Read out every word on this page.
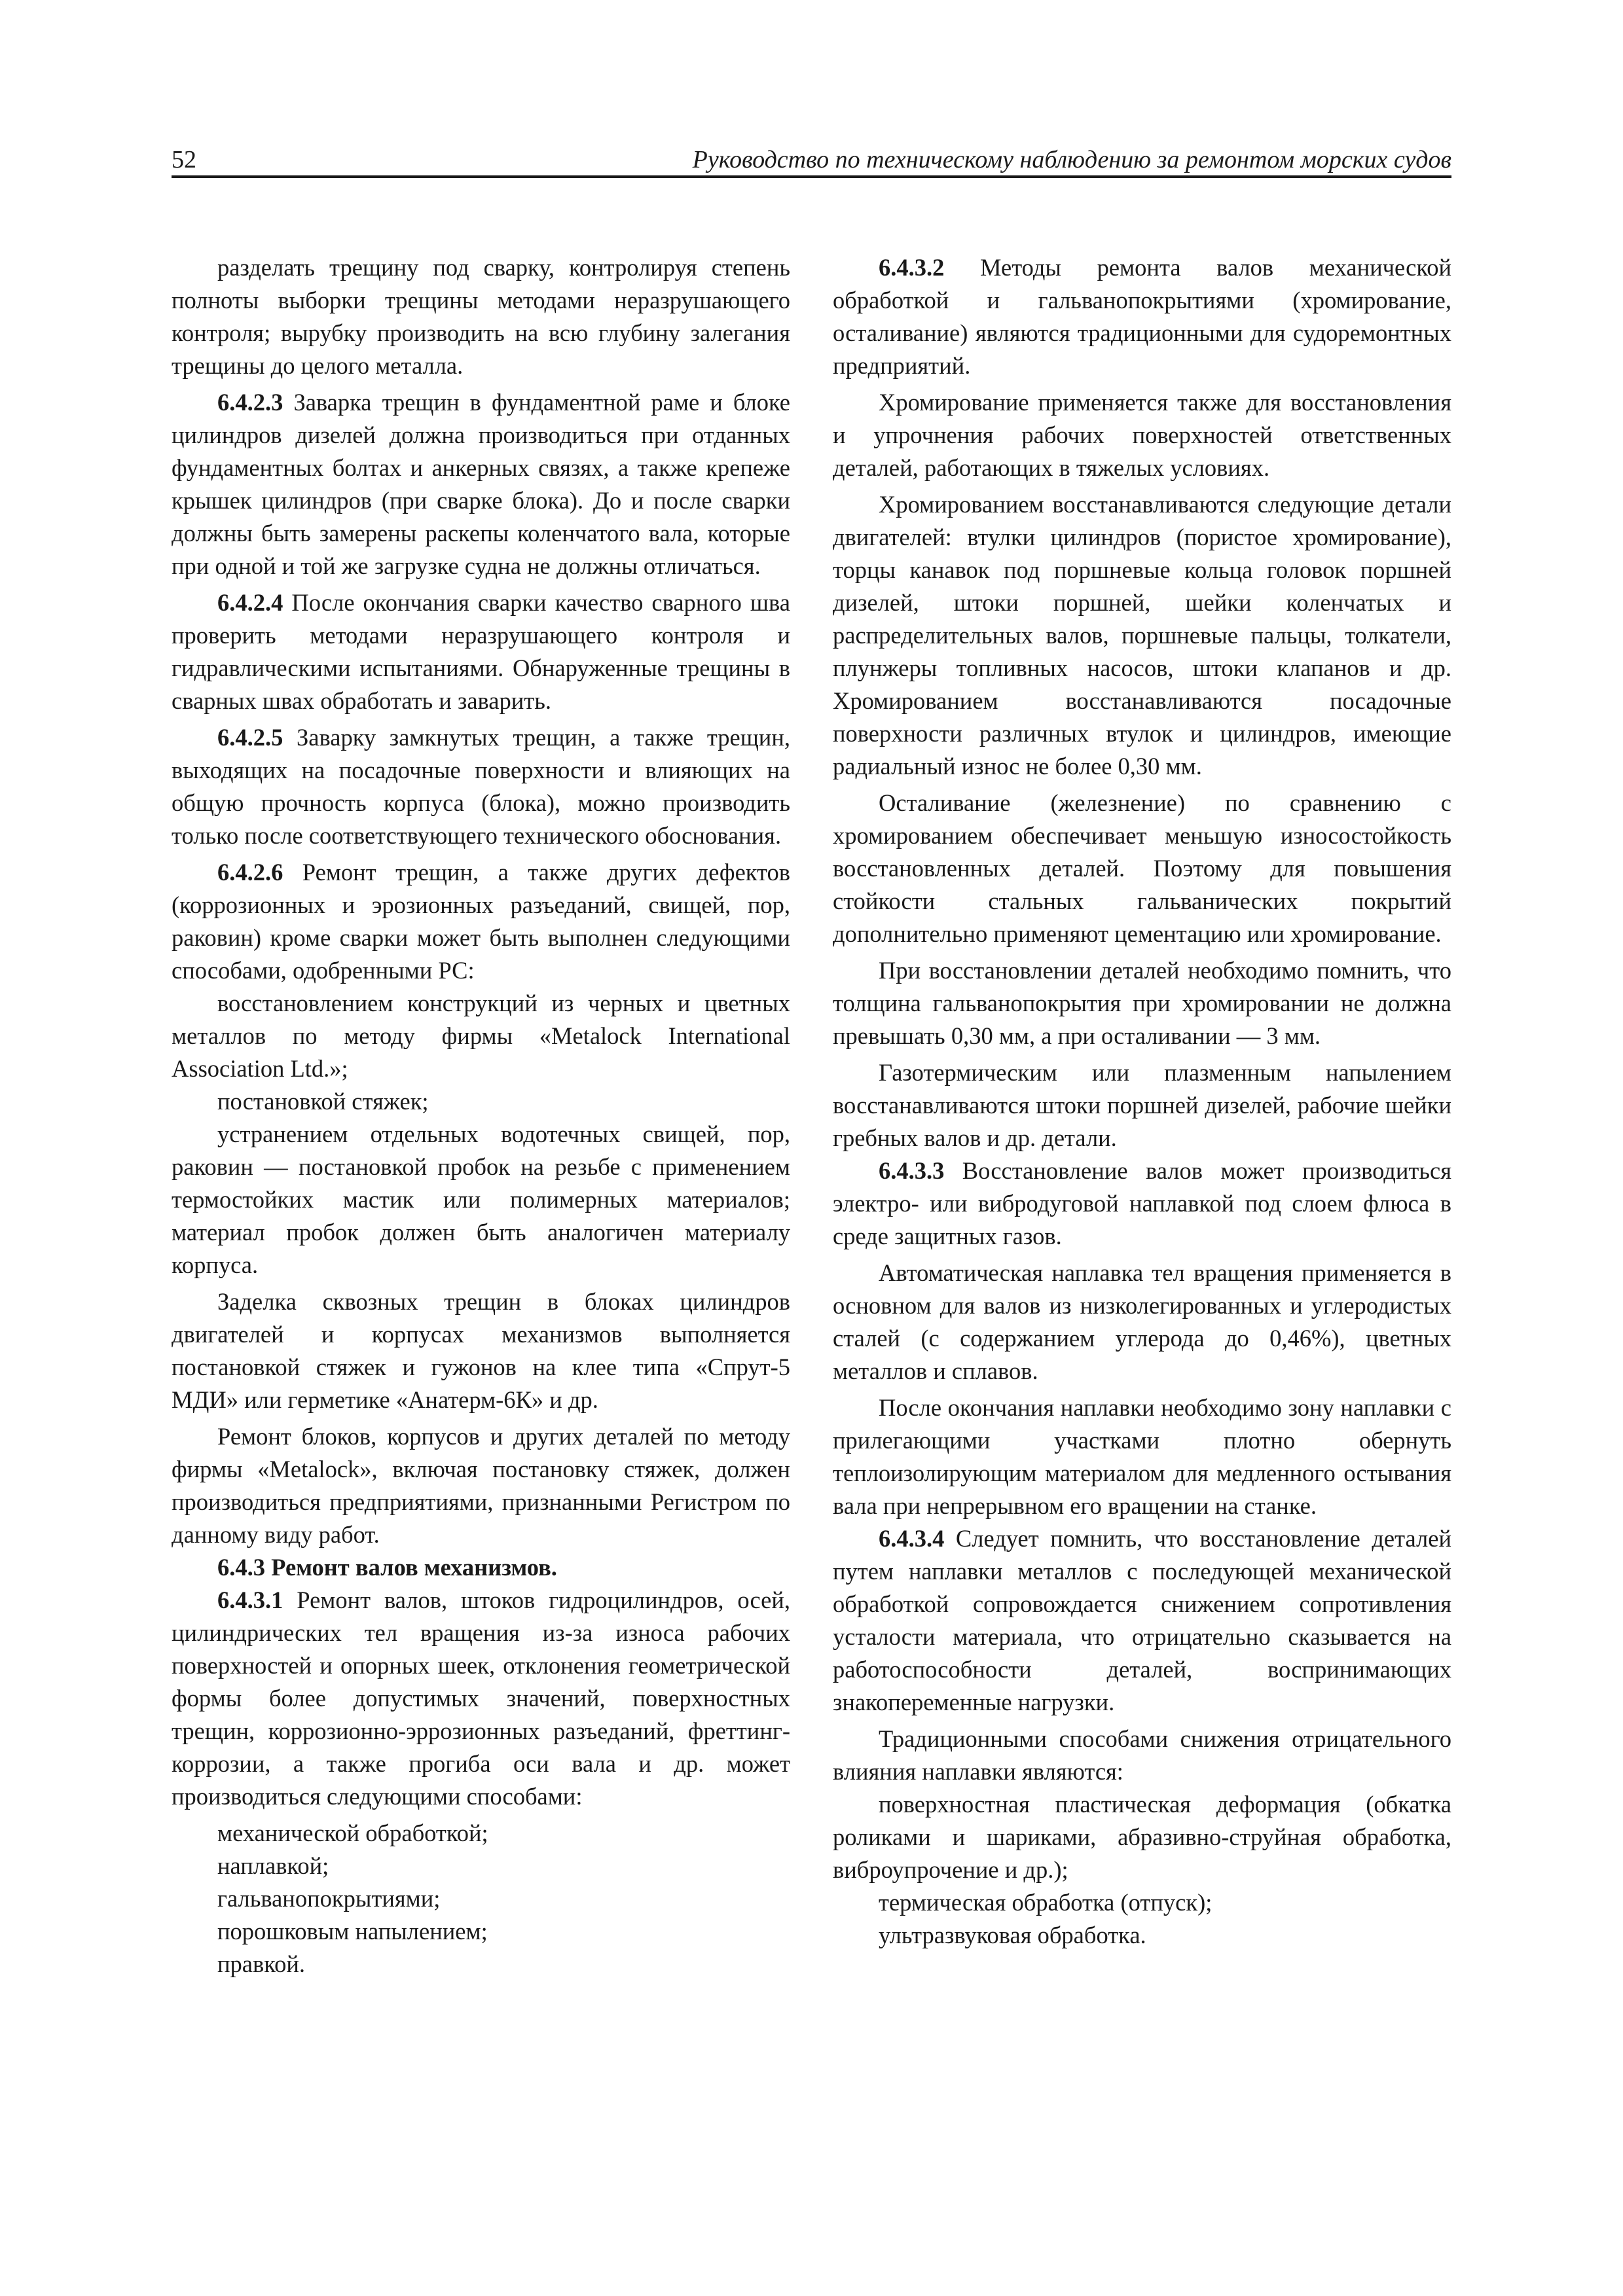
52	Руководство по техническому наблюдению за ремонтом морских судов

разделать трещину под сварку, контролируя степень полноты выборки трещины методами неразрушающего контроля; вырубку производить на всю глубину залегания трещины до целого металла.

6.4.2.3 Заварка трещин в фундаментной раме и блоке цилиндров дизелей должна производиться при отданных фундаментных болтах и анкерных связях, а также крепеже крышек цилиндров (при сварке блока). До и после сварки должны быть замерены раскепы коленчатого вала, которые при одной и той же загрузке судна не должны отличаться.

6.4.2.4 После окончания сварки качество сварного шва проверить методами неразрушающего контроля и гидравлическими испытаниями. Обнаруженные трещины в сварных швах обработать и заварить.

6.4.2.5 Заварку замкнутых трещин, а также трещин, выходящих на посадочные поверхности и влияющих на общую прочность корпуса (блока), можно производить только после соответствующего технического обоснования.

6.4.2.6 Ремонт трещин, а также других дефектов (коррозионных и эрозионных разъеданий, свищей, пор, раковин) кроме сварки может быть выполнен следующими способами, одобренными РС:

восстановлением конструкций из черных и цветных металлов по методу фирмы «Metalock International Association Ltd.»;

постановкой стяжек;

устранением отдельных водотечных свищей, пор, раковин — постановкой пробок на резьбе с применением термостойких мастик или полимерных материалов; материал пробок должен быть аналогичен материалу корпуса.

Заделка сквозных трещин в блоках цилиндров двигателей и корпусах механизмов выполняется постановкой стяжек и гужонов на клее типа «Спрут-5 МДИ» или герметике «Анатерм-6К» и др.

Ремонт блоков, корпусов и других деталей по методу фирмы «Metalock», включая постановку стяжек, должен производиться предприятиями, признанными Регистром по данному виду работ.

6.4.3 Ремонт валов механизмов.

6.4.3.1 Ремонт валов, штоков гидроцилиндров, осей, цилиндрических тел вращения из-за износа рабочих поверхностей и опорных шеек, отклонения геометрической формы более допустимых значений, поверхностных трещин, коррозионно-эррозионных разъеданий, фреттинг-коррозии, а также прогиба оси вала и др. может производиться следующими способами:

механической обработкой;

наплавкой;

гальванопокрытиями;

порошковым напылением;

правкой.

6.4.3.2 Методы ремонта валов механической обработкой и гальванопокрытиями (хромирование, осталивание) являются традиционными для судоремонтных предприятий.

Хромирование применяется также для восстановления и упрочнения рабочих поверхностей ответственных деталей, работающих в тяжелых условиях.

Хромированием восстанавливаются следующие детали двигателей: втулки цилиндров (пористое хромирование), торцы канавок под поршневые кольца головок поршней дизелей, штоки поршней, шейки коленчатых и распределительных валов, поршневые пальцы, толкатели, плунжеры топливных насосов, штоки клапанов и др. Хромированием восстанавливаются посадочные поверхности различных втулок и цилиндров, имеющие радиальный износ не более 0,30 мм.

Осталивание (железнение) по сравнению с хромированием обеспечивает меньшую износостойкость восстановленных деталей. Поэтому для повышения стойкости стальных гальванических покрытий дополнительно применяют цементацию или хромирование.

При восстановлении деталей необходимо помнить, что толщина гальванопокрытия при хромировании не должна превышать 0,30 мм, а при осталивании — 3 мм.

Газотермическим или плазменным напылением восстанавливаются штоки поршней дизелей, рабочие шейки гребных валов и др. детали.

6.4.3.3 Восстановление валов может производиться электро- или вибродуговой наплавкой под слоем флюса в среде защитных газов.

Автоматическая наплавка тел вращения применяется в основном для валов из низколегированных и углеродистых сталей (с содержанием углерода до 0,46%), цветных металлов и сплавов.

После окончания наплавки необходимо зону наплавки с прилегающими участками плотно обернуть теплоизолирующим материалом для медленного остывания вала при непрерывном его вращении на станке.

6.4.3.4 Следует помнить, что восстановление деталей путем наплавки металлов с последующей механической обработкой сопровождается снижением сопротивления усталости материала, что отрицательно сказывается на работоспособности деталей, воспринимающих знакопеременные нагрузки.

Традиционными способами снижения отрицательного влияния наплавки являются:

поверхностная пластическая деформация (обкатка роликами и шариками, абразивно-струйная обработка, виброупрочение и др.);

термическая обработка (отпуск);

ультразвуковая обработка.
